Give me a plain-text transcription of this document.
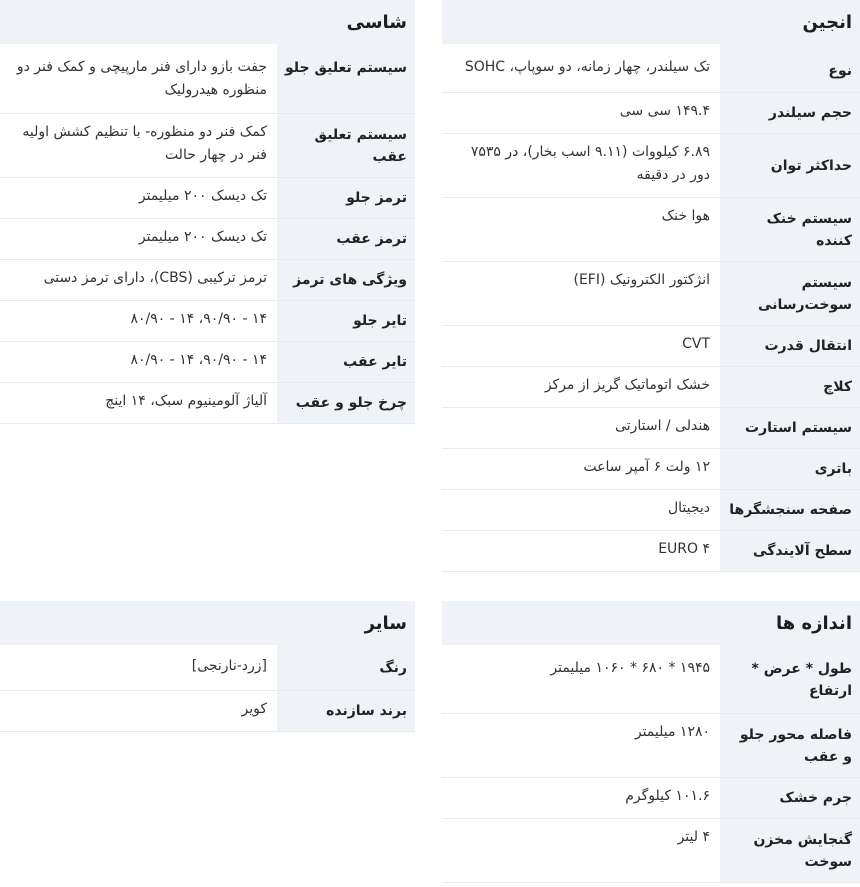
انجین
نوع
تک سیلندر، چهار زمانه، دو سوپاپ، SOHC
حجم سیلندر
۱۴۹.۴ سی سی
حداکثر توان
۶.۸۹ کیلووات (۹.۱۱ اسب بخار)، در ۷۵۳۵ دور در دقیقه
سیستم خنک کننده
هوا خنک
سیستم سوخت‌رسانی
انژکتور الکترونیک (EFI)
انتقال قدرت
CVT
کلاچ
خشک اتوماتیک گریز از مرکز
سیستم استارت
هندلی / استارتی
باتری
۱۲ ولت ۶ آمپر ساعت
صفحه سنجشگرها
دیجیتال
سطح آلایندگی
EURO ۴
شاسی
سیستم تعلیق جلو
جفت بازو دارای فنر مارپیچی و کمک فنر دو منظوره هیدرولیک
سیستم تعلیق عقب
کمک فنر دو منظوره- با تنظیم کشش اولیه فنر در چهار حالت
ترمز جلو
تک دیسک ۲۰۰ میلیمتر
ترمز عقب
تک دیسک ۲۰۰ میلیمتر
ویژگی های ترمز
ترمز ترکیبی (CBS)، دارای ترمز دستی
تایر جلو
۱۴ - ۹۰/۹۰، ۱۴ - ۸۰/۹۰
تایر عقب
۱۴ - ۹۰/۹۰، ۱۴ - ۸۰/۹۰
چرخ جلو و عقب
آلیاژ آلومینیوم سبک، ۱۴ اینچ
اندازه ها
طول * عرض * ارتفاع
۱۹۴۵ * ۶۸۰ * ۱۰۶۰ میلیمتر
فاصله محور جلو و عقب
۱۲۸۰ میلیمتر
جرم خشک
۱۰۱.۶ کیلوگرم
گنجایش مخزن سوخت
۴ لیتر
سایر
رنگ
[زرد-نارنجی]
برند سازنده
کویر
